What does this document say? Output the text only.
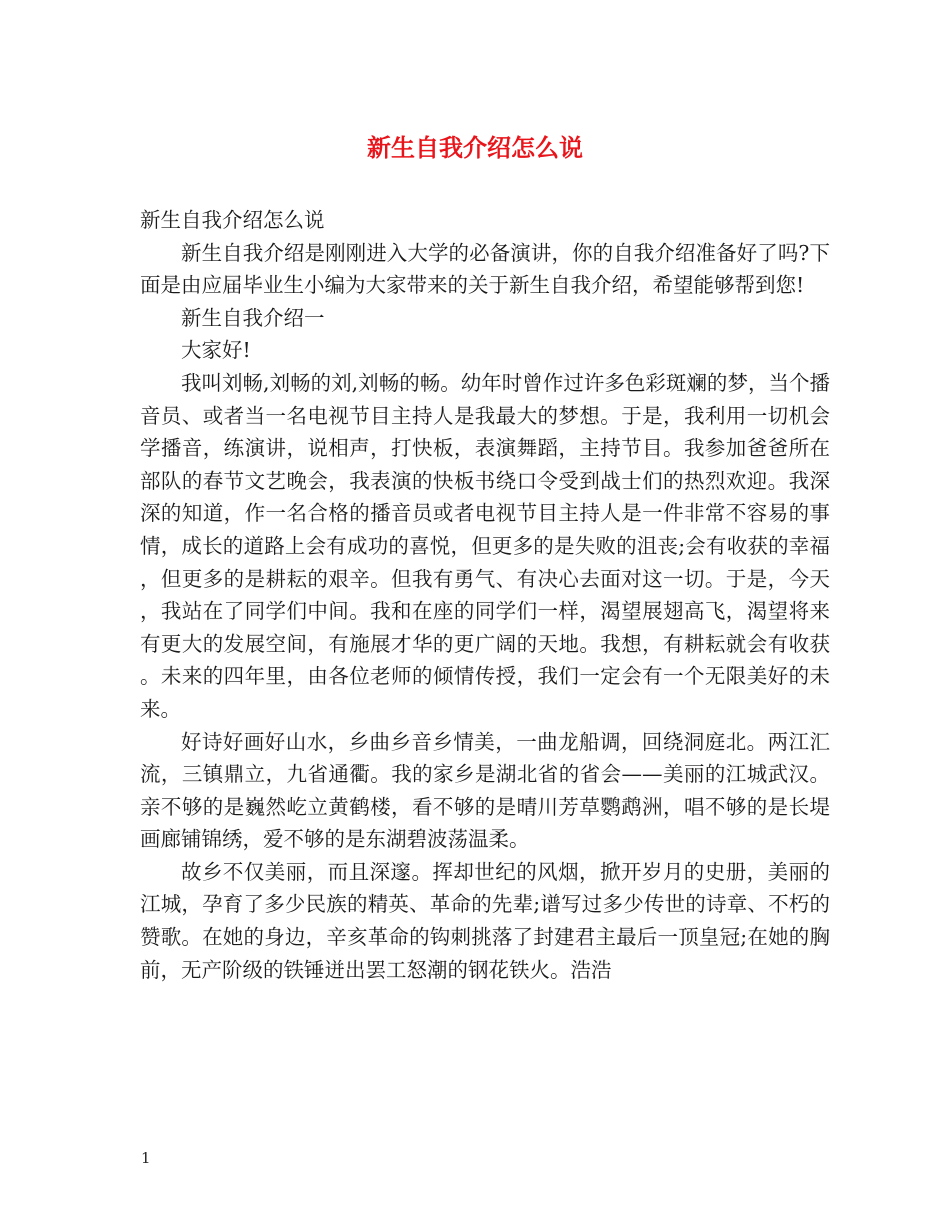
新生自我介绍怎么说

新生自我介绍怎么说

新生自我介绍是刚刚进入大学的必备演讲，你的自我介绍准备好了吗?下面是由应届毕业生小编为大家带来的关于新生自我介绍，希望能够帮到您!

新生自我介绍一

大家好!

我叫刘畅,刘畅的刘,刘畅的畅。幼年时曾作过许多色彩斑斓的梦，当个播音员、或者当一名电视节目主持人是我最大的梦想。于是，我利用一切机会学播音，练演讲，说相声，打快板，表演舞蹈，主持节目。我参加爸爸所在部队的春节文艺晚会，我表演的快板书绕口令受到战士们的热烈欢迎。我深深的知道，作一名合格的播音员或者电视节目主持人是一件非常不容易的事情，成长的道路上会有成功的喜悦，但更多的是失败的沮丧;会有收获的幸福，但更多的是耕耘的艰辛。但我有勇气、有决心去面对这一切。于是，今天，我站在了同学们中间。我和在座的同学们一样，渴望展翅高飞，渴望将来有更大的发展空间，有施展才华的更广阔的天地。我想，有耕耘就会有收获。未来的四年里，由各位老师的倾情传授，我们一定会有一个无限美好的未来。

好诗好画好山水，乡曲乡音乡情美，一曲龙船调，回绕洞庭北。两江汇流，三镇鼎立，九省通衢。我的家乡是湖北省的省会——美丽的江城武汉。亲不够的是巍然屹立黄鹤楼，看不够的是晴川芳草鹦鹉洲，唱不够的是长堤画廊铺锦绣，爱不够的是东湖碧波荡温柔。

故乡不仅美丽，而且深邃。挥却世纪的风烟，掀开岁月的史册，美丽的江城，孕育了多少民族的精英、革命的先辈;谱写过多少传世的诗章、不朽的赞歌。在她的身边，辛亥革命的钩刺挑落了封建君主最后一顶皇冠;在她的胸前，无产阶级的铁锤迸出罢工怒潮的钢花铁火。浩浩

1
